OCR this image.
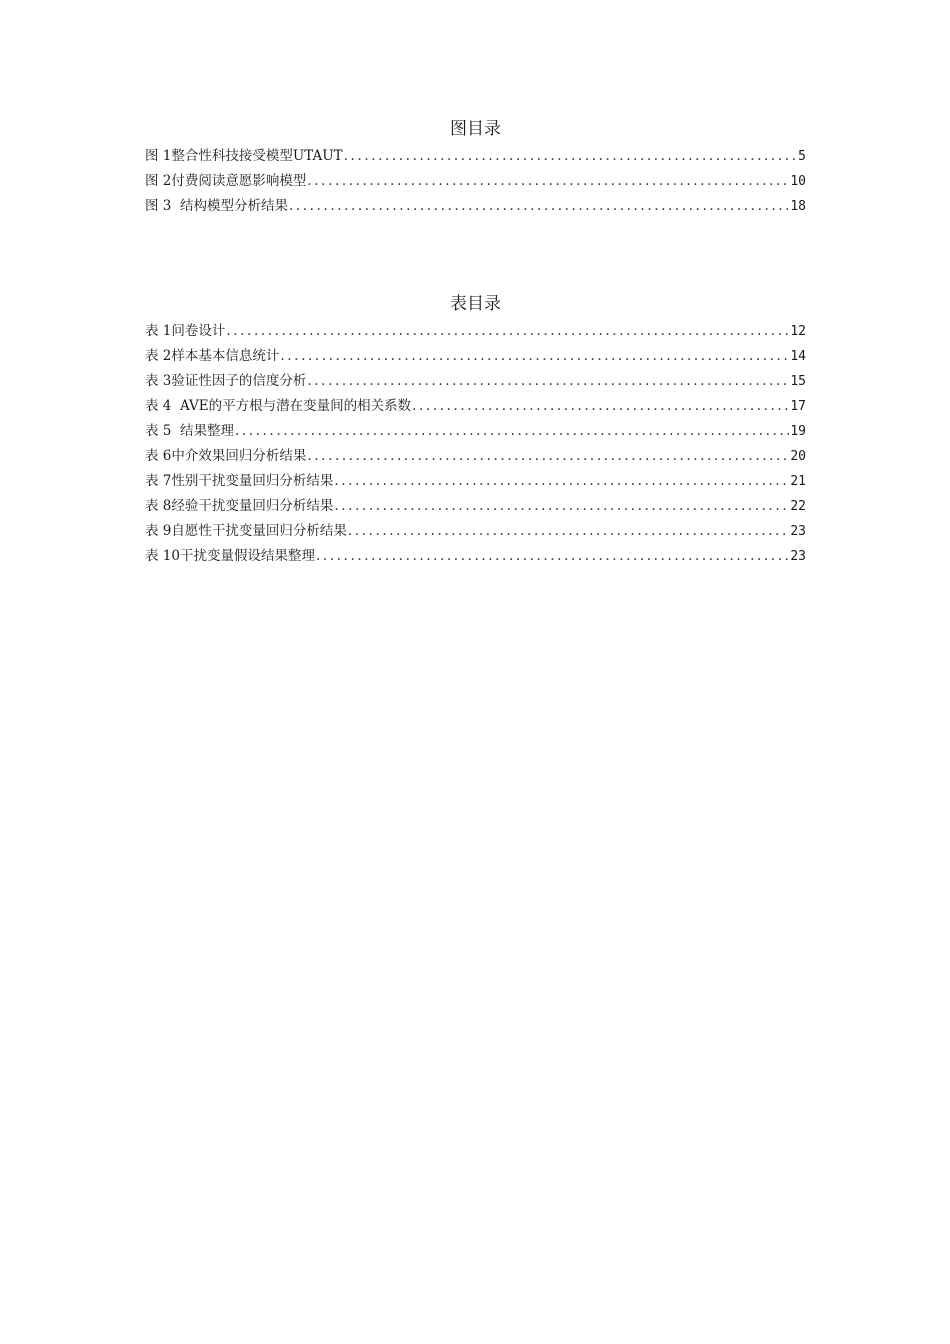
图目录
图 1整合性科技接受模型UTAUT .....	5
图 2付费阅读意愿影响模型 .....	10
图 3  结构模型分析结果 .....	18
表目录
表 1问卷设计 .....	12
表 2样本基本信息统计 .....	14
表 3验证性因子的信度分析 .....	15
表 4  AVE的平方根与潜在变量间的相关系数 .....	17
表 5  结果整理 .....	19
表 6中介效果回归分析结果 .....	20
表 7性别干扰变量回归分析结果 .....	21
表 8经验干扰变量回归分析结果 .....	22
表 9自愿性干扰变量回归分析结果 .....	23
表 10干扰变量假设结果整理 .....	23
